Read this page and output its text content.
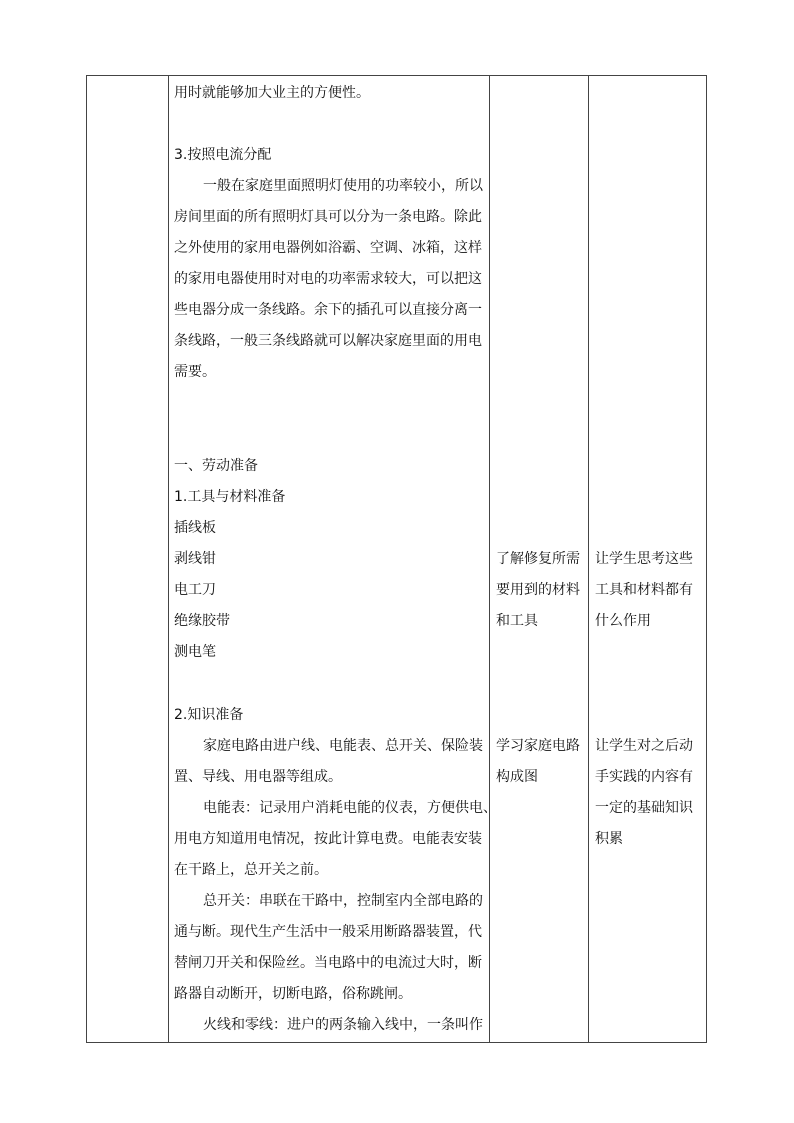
用时就能够加大业主的方便性。
3.按照电流分配
一般在家庭里面照明灯使用的功率较小，所以
房间里面的所有照明灯具可以分为一条电路。除此
之外使用的家用电器例如浴霸、空调、冰箱，这样
的家用电器使用时对电的功率需求较大，可以把这
些电器分成一条线路。余下的插孔可以直接分离一
条线路，一般三条线路就可以解决家庭里面的用电
需要。
一、劳动准备
1.工具与材料准备
插线板
剥线钳
电工刀
绝缘胶带
测电笔
2.知识准备
家庭电路由进户线、电能表、总开关、保险装
置、导线、用电器等组成。
电能表：记录用户消耗电能的仪表，方便供电、
用电方知道用电情况，按此计算电费。电能表安装
在干路上，总开关之前。
总开关：串联在干路中，控制室内全部电路的
通与断。现代生产生活中一般采用断路器装置，代
替闸刀开关和保险丝。当电路中的电流过大时，断
路器自动断开，切断电路，俗称跳闸。
火线和零线：进户的两条输入线中，一条叫作
了解修复所需
要用到的材料
和工具
学习家庭电路
构成图
让学生思考这些
工具和材料都有
什么作用
让学生对之后动
手实践的内容有
一定的基础知识
积累
